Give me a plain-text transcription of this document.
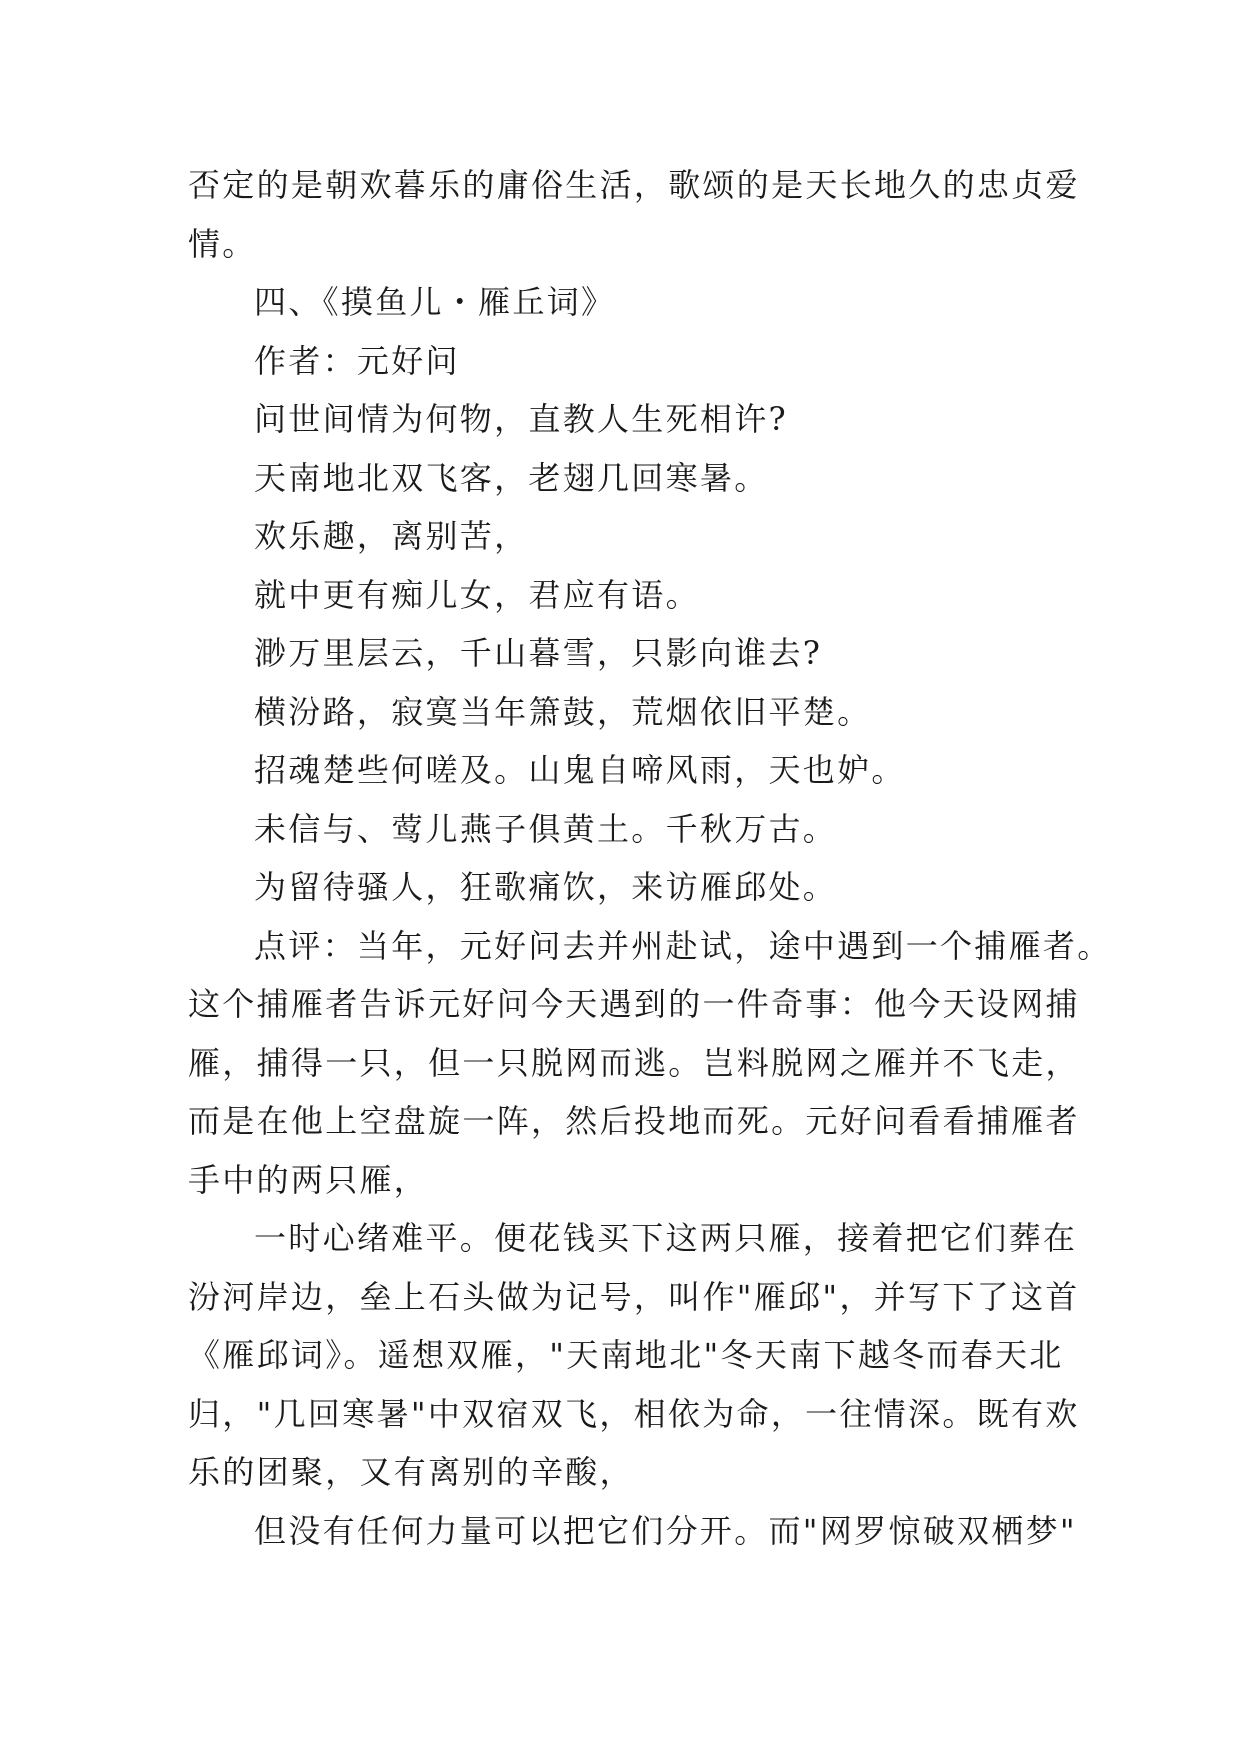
否定的是朝欢暮乐的庸俗生活，歌颂的是天长地久的忠贞爱
情。
四、《摸鱼儿・雁丘词》
作者：元好问
问世间情为何物，直教人生死相许?
天南地北双飞客，老翅几回寒暑。
欢乐趣，离别苦，
就中更有痴儿女，君应有语。
渺万里层云，千山暮雪，只影向谁去?
横汾路，寂寞当年箫鼓，荒烟依旧平楚。
招魂楚些何嗟及。山鬼自啼风雨，天也妒。
未信与、莺儿燕子俱黄土。千秋万古。
为留待骚人，狂歌痛饮，来访雁邱处。
点评：当年，元好问去并州赴试，途中遇到一个捕雁者。
这个捕雁者告诉元好问今天遇到的一件奇事：他今天设网捕
雁，捕得一只，但一只脱网而逃。岂料脱网之雁并不飞走，
而是在他上空盘旋一阵，然后投地而死。元好问看看捕雁者
手中的两只雁，
一时心绪难平。便花钱买下这两只雁，接着把它们葬在
汾河岸边，垒上石头做为记号，叫作"雁邱"，并写下了这首
《雁邱词》。遥想双雁，"天南地北"冬天南下越冬而春天北
归，"几回寒暑"中双宿双飞，相依为命，一往情深。既有欢
乐的团聚，又有离别的辛酸，
但没有任何力量可以把它们分开。而"网罗惊破双栖梦"
